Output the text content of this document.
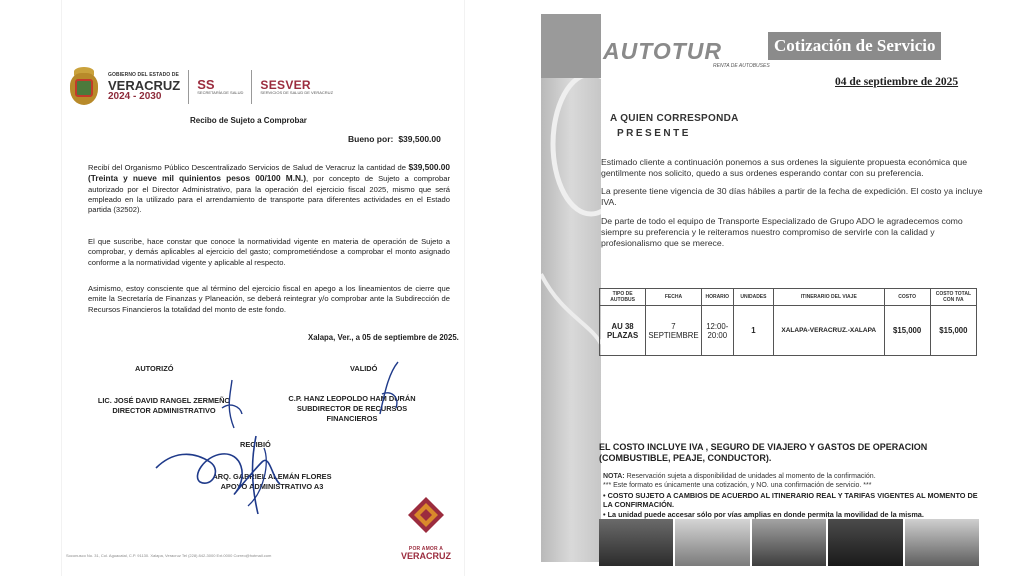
GOBIERNO DEL ESTADO DE
VERACRUZ
2024 - 2030
SS
SECRETARÍA DE SALUD
SESVER
SERVICIOS DE SALUD DE VERACRUZ
Recibo de Sujeto a Comprobar
Bueno por: $39,500.00
Recibí del Organismo Público Descentralizado Servicios de Salud de Veracruz la cantidad de $39,500.00 (Treinta y nueve mil quinientos pesos 00/100 M.N.), por concepto de Sujeto a comprobar autorizado por el Director Administrativo, para la operación del ejercicio fiscal 2025, mismo que será empleado en la utilizado para el arrendamiento de transporte para diferentes actividades en el Estado partida (32502).
El que suscribe, hace constar que conoce la normatividad vigente en materia de operación de Sujeto a comprobar, y demás aplicables al ejercicio del gasto; comprometiéndose a comprobar el monto asignado conforme a la normatividad vigente y aplicable al respecto.
Asimismo, estoy consciente que al término del ejercicio fiscal en apego a los lineamientos de cierre que emite la Secretaría de Finanzas y Planeación, se deberá reintegrar y/o comprobar ante la Subdirección de Recursos Financieros la totalidad del monto de este fondo.
Xalapa, Ver., a 05 de septiembre de 2025.
AUTORIZÓ	VALIDÓ
LIC. JOSÉ DAVID RANGEL ZERMEÑO
DIRECTOR ADMINISTRATIVO
C.P. HANZ LEOPOLDO HAM DURÁN
SUBDIRECTOR DE RECURSOS FINANCIEROS
RECIBIÓ
ARQ. GABRIEL ALEMÁN FLORES
APOYO ADMINISTRATIVO A3
Soconusco No. 31, Col. Aguacatal, C.P. 91130. Xalapa, Veracruz Tel (228) 842-3000 Ext.0000 Correo@hotmail.com
POR AMOR A
VERACRUZ
AUTOTUR
RENTA DE AUTOBUSES
Cotización de Servicio
04 de septiembre de 2025
A QUIEN CORRESPONDA
PRESENTE
Estimado cliente a continuación ponemos a sus ordenes la siguiente propuesta económica que gentilmente nos solicito, quedo a sus ordenes esperando contar con su preferencia.
La presente tiene vigencia de 30 días hábiles a partir de la fecha de expedición. El costo ya incluye IVA.
De parte de todo el equipo de Transporte Especializado de Grupo ADO le agradecemos como siempre su preferencia y le reiteramos nuestro compromiso de servirle con la calidad y profesionalismo que se merece.
TIPO DE AUTOBUS	FECHA	HORARIO	UNIDADES	ITINERARIO DEL VIAJE	COSTO	COSTO TOTAL CON IVA
AU 38 PLAZAS	7 SEPTIEMBRE	12:00-20:00	1	XALAPA-VERACRUZ.-XALAPA	$15,000	$15,000
EL COSTO INCLUYE IVA , SEGURO DE VIAJERO Y GASTOS DE OPERACION (COMBUSTIBLE, PEAJE, CONDUCTOR).
NOTA: Reservación sujeta a disponibilidad de unidades al momento de la confirmación.
*** Este formato es únicamente una cotización, y NO. una confirmación de servicio. ***
• COSTO SUJETO A CAMBIOS DE ACUERDO AL ITINERARIO REAL Y TARIFAS VIGENTES AL MOMENTO DE LA CONFIRMACIÓN.
• La unidad puede accesar sólo por vías amplias en donde permita la movilidad de la misma.
